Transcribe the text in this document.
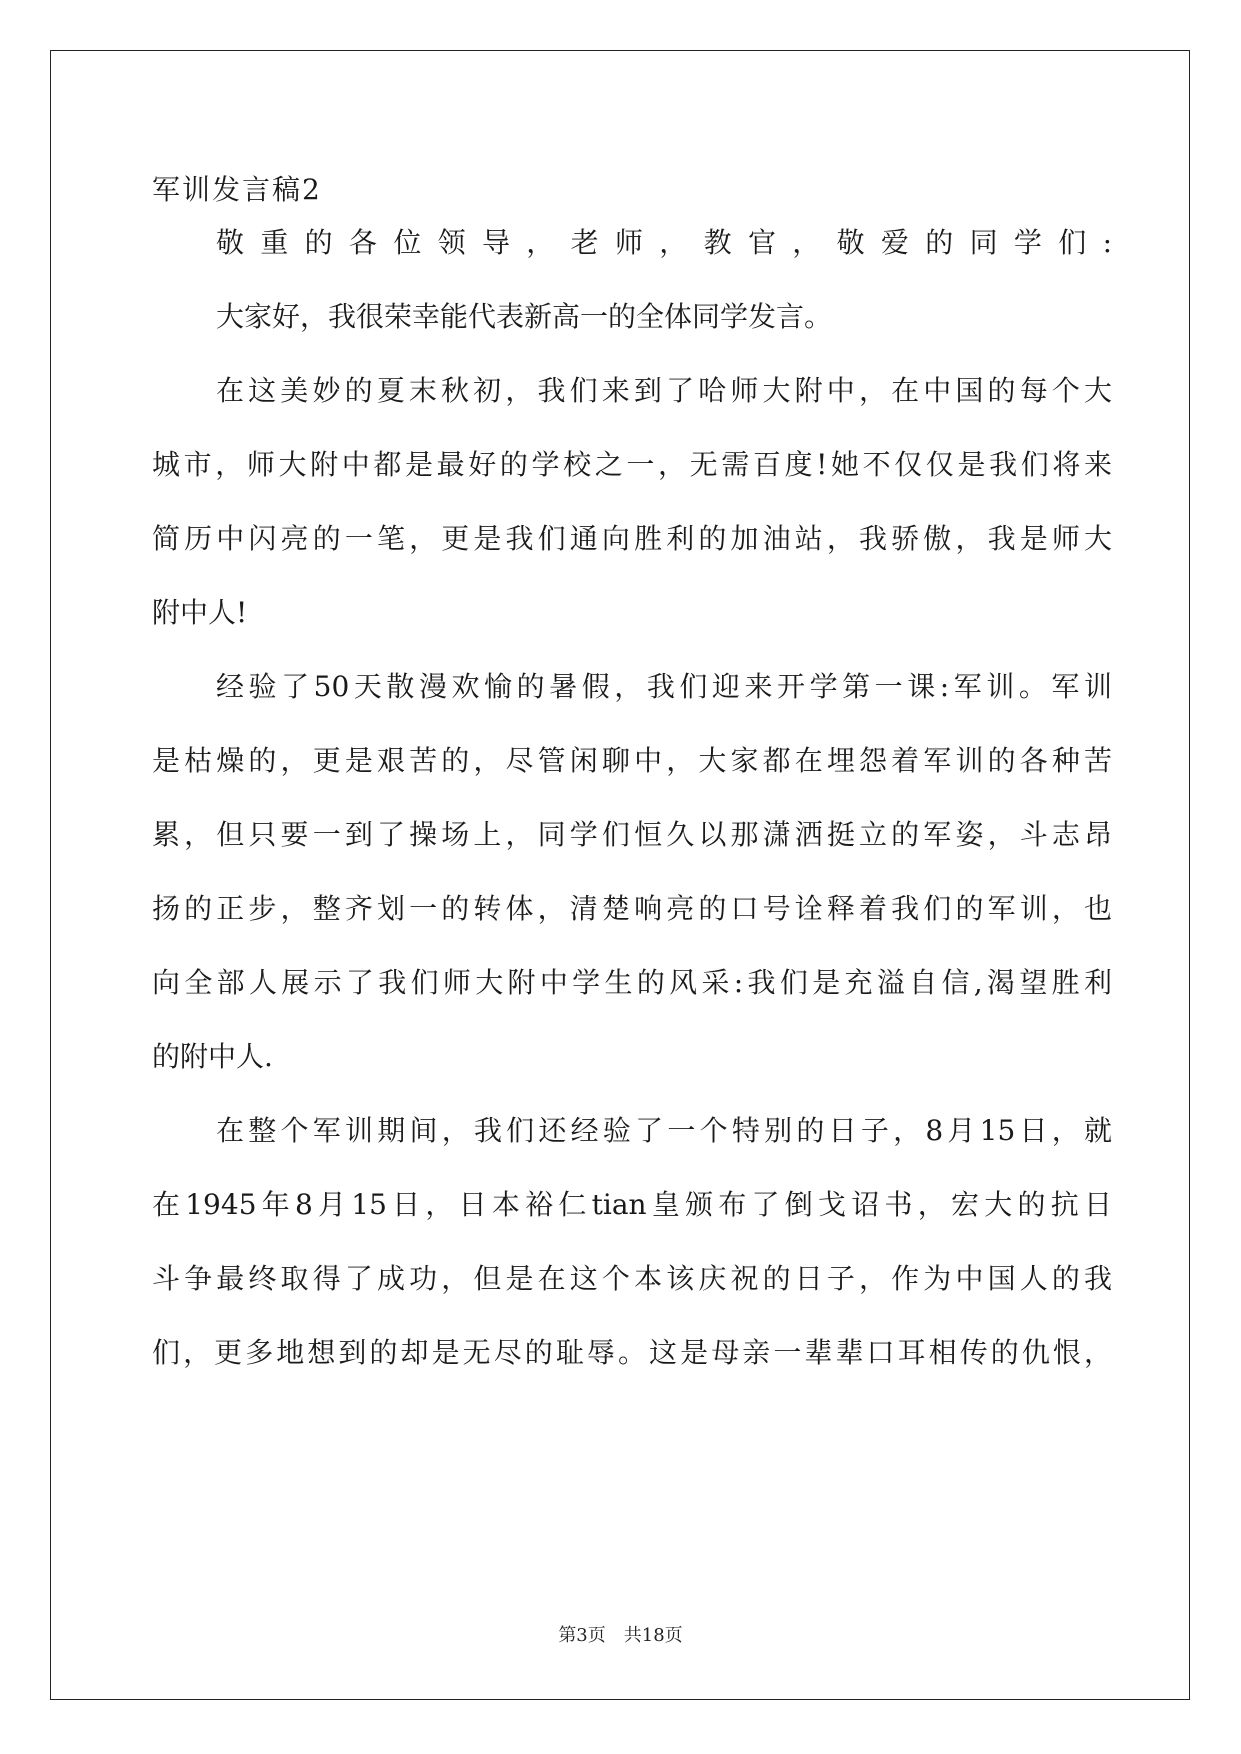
军训发言稿2
敬重的各位领导，老师，教官，敬爱的同学们:
大家好，我很荣幸能代表新高一的全体同学发言。
在这美妙的夏末秋初，我们来到了哈师大附中，在中国的每个大
城市，师大附中都是最好的学校之一，无需百度!她不仅仅是我们将来
简历中闪亮的一笔，更是我们通向胜利的加油站，我骄傲，我是师大
附中人!
经验了50天散漫欢愉的暑假，我们迎来开学第一课:军训。军训
是枯燥的，更是艰苦的，尽管闲聊中，大家都在埋怨着军训的各种苦
累，但只要一到了操场上，同学们恒久以那潇洒挺立的军姿，斗志昂
扬的正步，整齐划一的转体，清楚响亮的口号诠释着我们的军训，也
向全部人展示了我们师大附中学生的风采:我们是充溢自信,渴望胜利
的附中人.
在整个军训期间，我们还经验了一个特别的日子，8月15日，就
在1945年8月15日，日本裕仁tian皇颁布了倒戈诏书，宏大的抗日
斗争最终取得了成功，但是在这个本该庆祝的日子，作为中国人的我
们，更多地想到的却是无尽的耻辱。这是母亲一辈辈口耳相传的仇恨，
第3页　共18页
